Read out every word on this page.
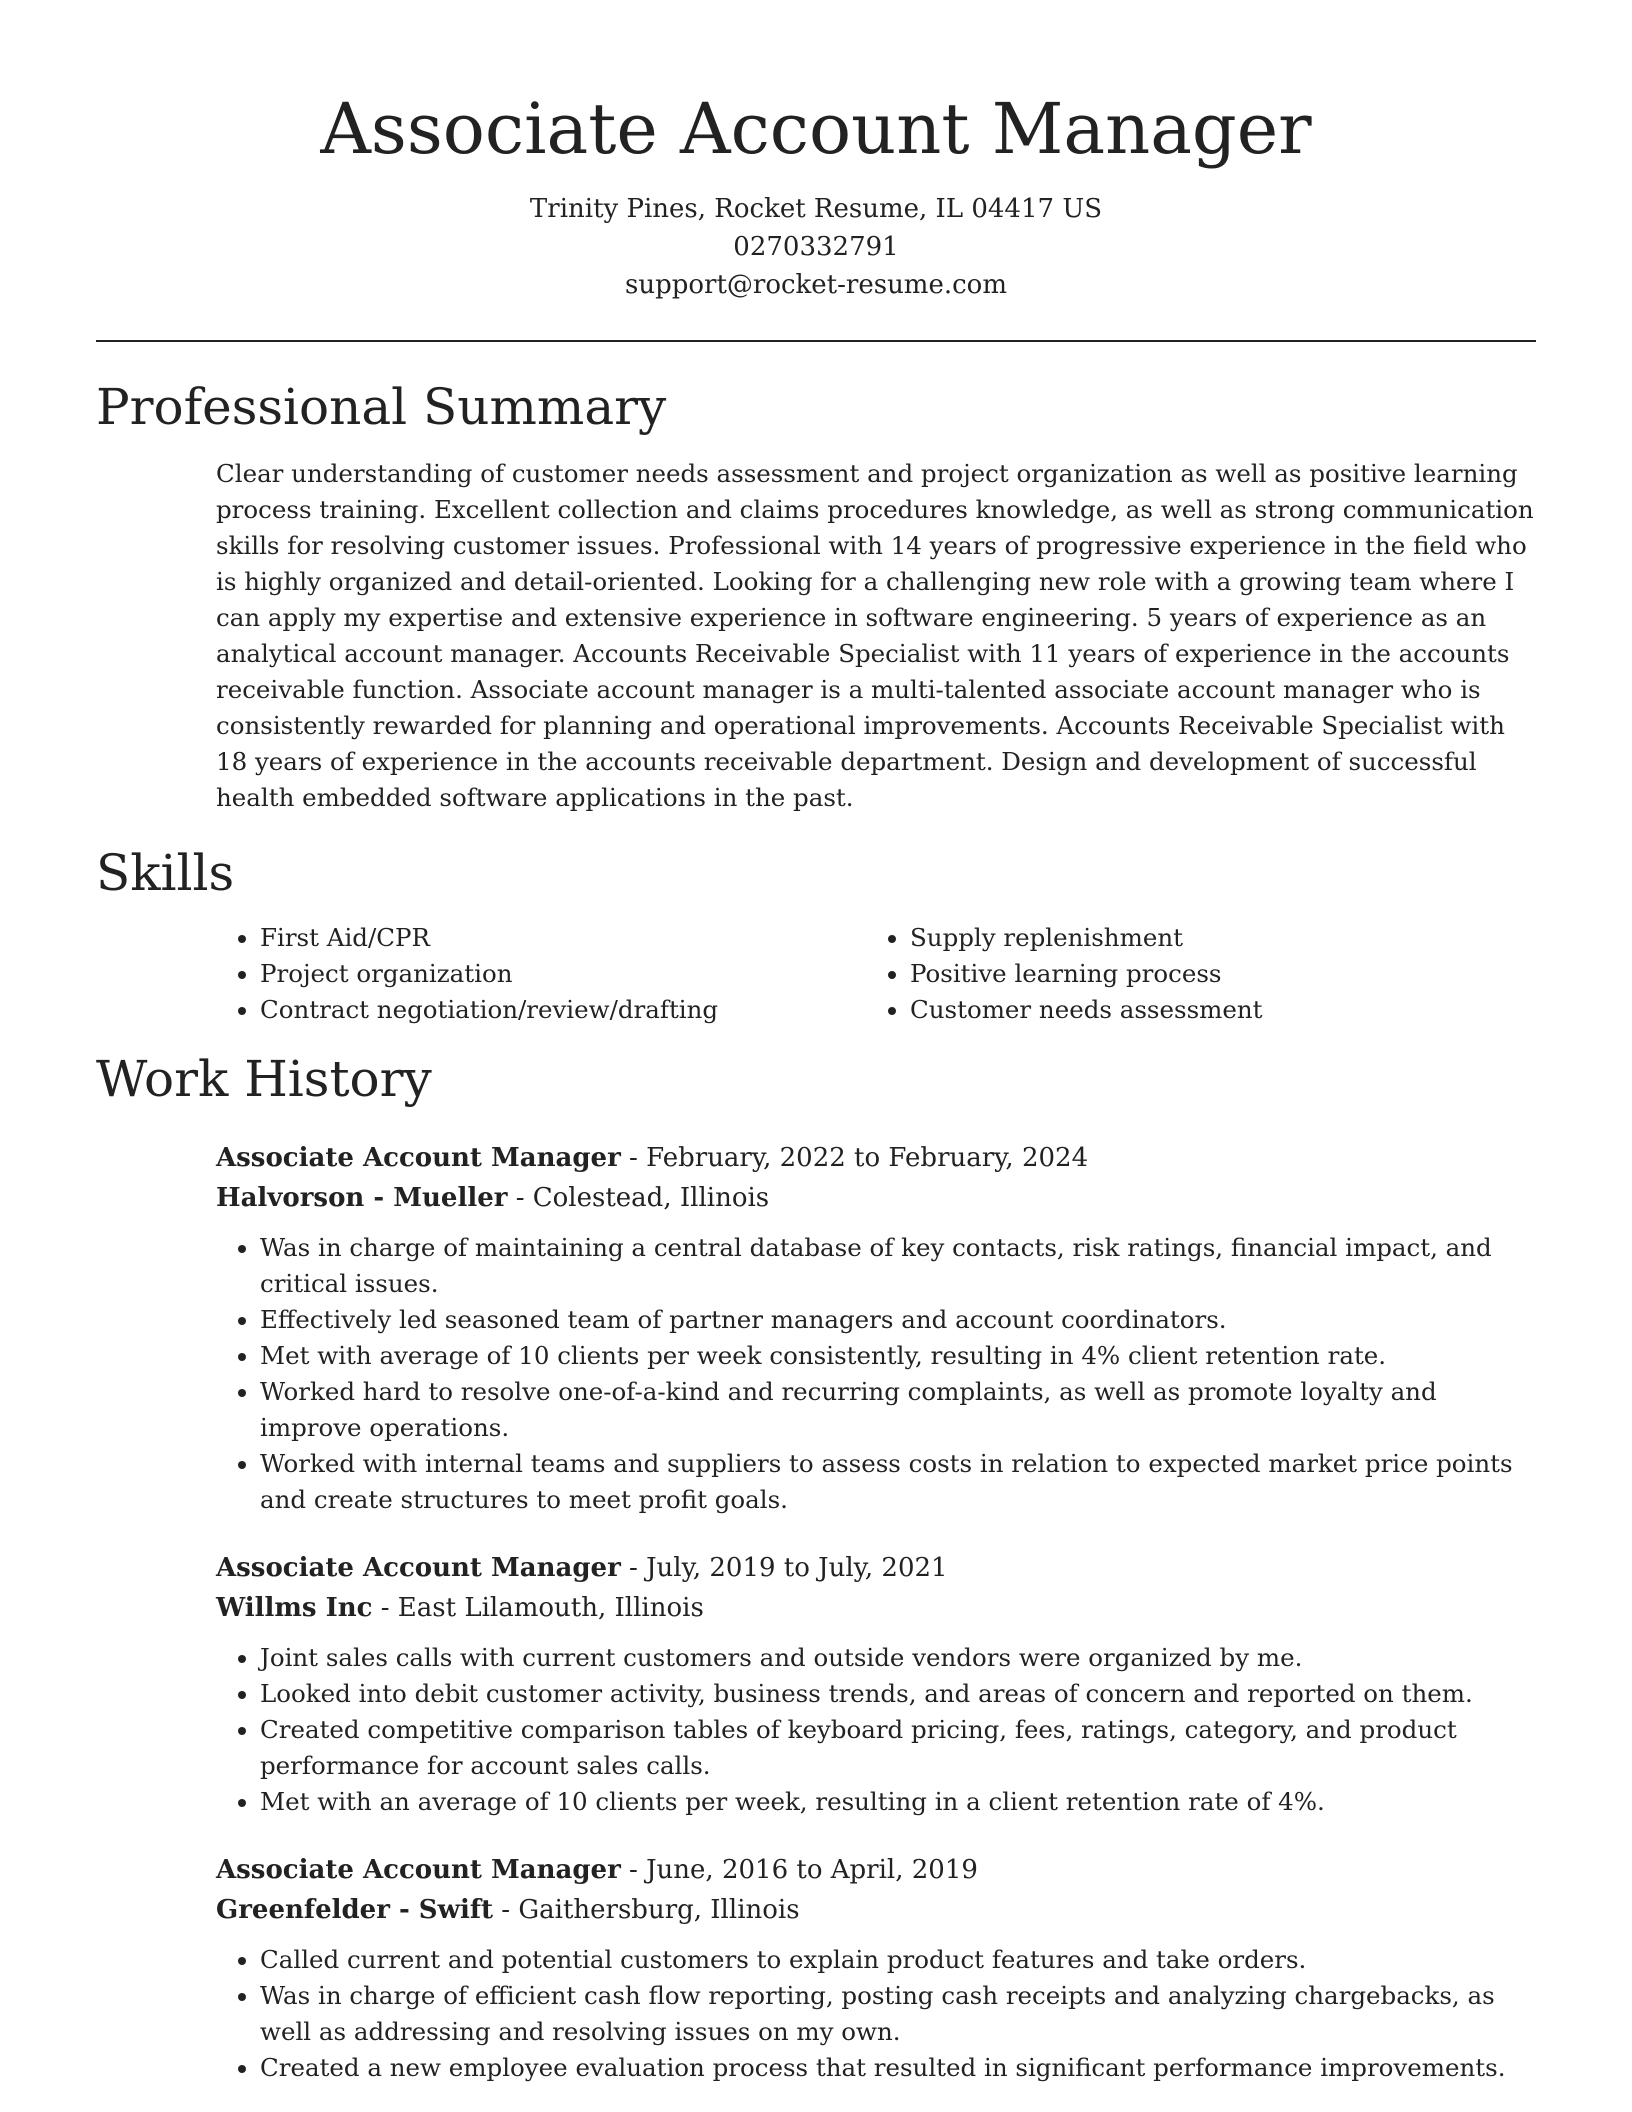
Associate Account Manager
Trinity Pines, Rocket Resume, IL 04417 US
0270332791
support@rocket-resume.com
Professional Summary

Clear understanding of customer needs assessment and project organization as well as positive learning process training. Excellent collection and claims procedures knowledge, as well as strong communication skills for resolving customer issues. Professional with 14 years of progressive experience in the field who is highly organized and detail-oriented. Looking for a challenging new role with a growing team where I can apply my expertise and extensive experience in software engineering. 5 years of experience as an analytical account manager. Accounts Receivable Specialist with 11 years of experience in the accounts receivable function. Associate account manager is a multi-talented associate account manager who is consistently rewarded for planning and operational improvements. Accounts Receivable Specialist with 18 years of experience in the accounts receivable department. Design and development of successful health embedded software applications in the past.

Skills
• First Aid/CPR
• Project organization
• Contract negotiation/review/drafting
• Supply replenishment
• Positive learning process
• Customer needs assessment
Work History
Associate Account Manager - February, 2022 to February, 2024
Halvorson - Mueller - Colestead, Illinois
• Was in charge of maintaining a central database of key contacts, risk ratings, financial impact, and critical issues.
• Effectively led seasoned team of partner managers and account coordinators.
• Met with average of 10 clients per week consistently, resulting in 4% client retention rate.
• Worked hard to resolve one-of-a-kind and recurring complaints, as well as promote loyalty and improve operations.
• Worked with internal teams and suppliers to assess costs in relation to expected market price points and create structures to meet profit goals.
Associate Account Manager - July, 2019 to July, 2021
Willms Inc - East Lilamouth, Illinois
• Joint sales calls with current customers and outside vendors were organized by me.
• Looked into debit customer activity, business trends, and areas of concern and reported on them.
• Created competitive comparison tables of keyboard pricing, fees, ratings, category, and product performance for account sales calls.
• Met with an average of 10 clients per week, resulting in a client retention rate of 4%.
Associate Account Manager - June, 2016 to April, 2019
Greenfelder - Swift - Gaithersburg, Illinois
• Called current and potential customers to explain product features and take orders.
• Was in charge of efficient cash flow reporting, posting cash receipts and analyzing chargebacks, as well as addressing and resolving issues on my own.
• Created a new employee evaluation process that resulted in significant performance improvements.
